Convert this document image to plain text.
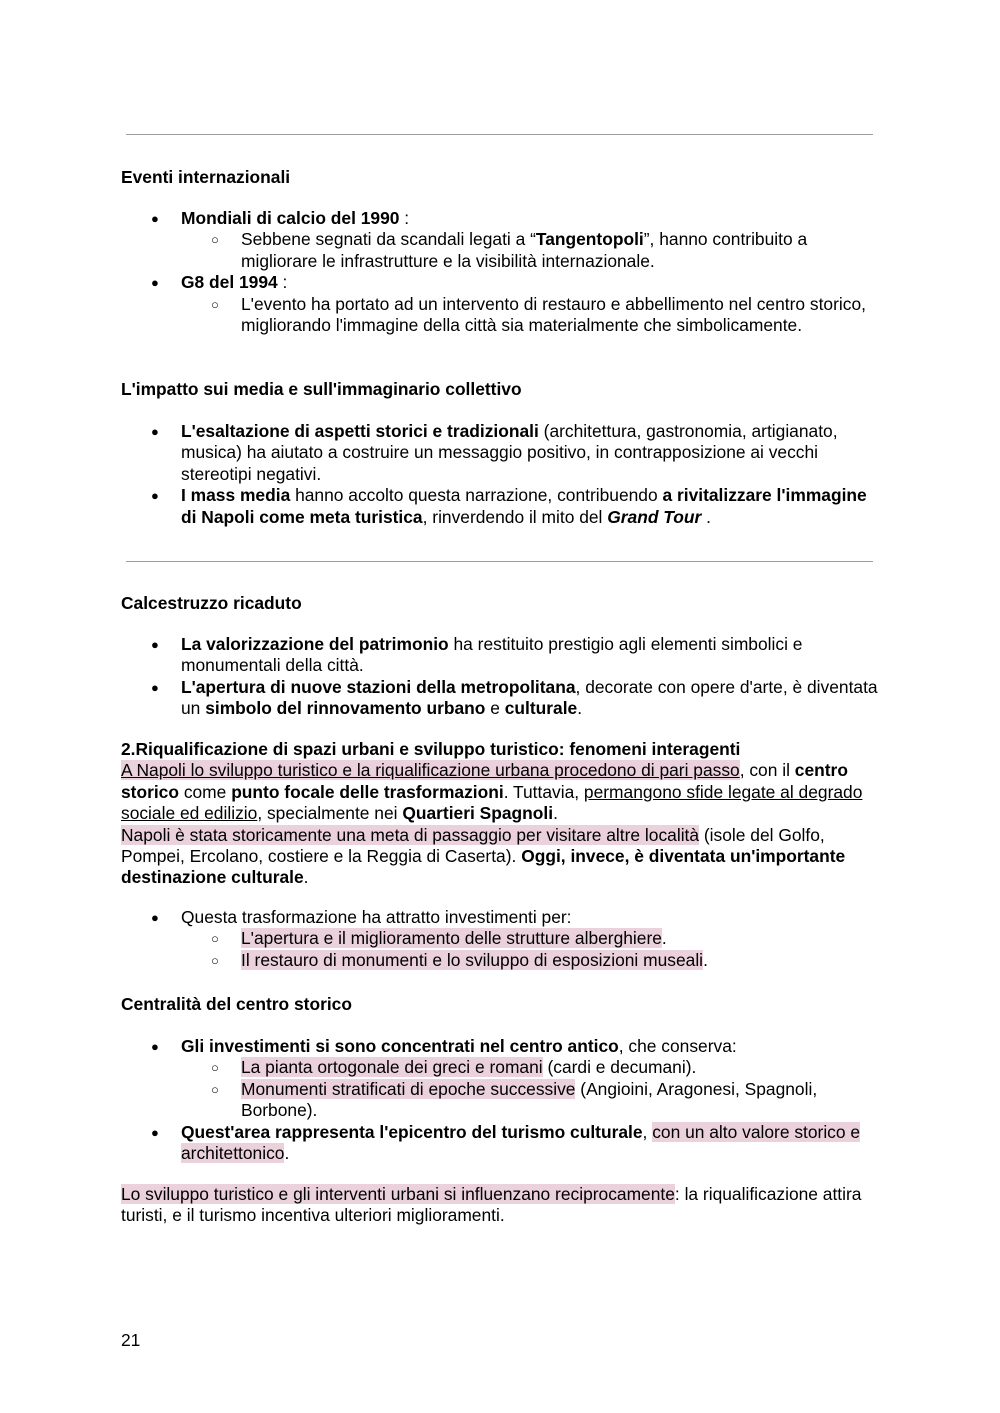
Eventi internazionali
● Mondiali di calcio del 1990 :
○ Sebbene segnati da scandali legati a “Tangentopoli”, hanno contribuito a migliorare le infrastrutture e la visibilità internazionale.
● G8 del 1994 :
○ L'evento ha portato ad un intervento di restauro e abbellimento nel centro storico, migliorando l'immagine della città sia materialmente che simbolicamente.
L'impatto sui media e sull'immaginario collettivo
● L'esaltazione di aspetti storici e tradizionali (architettura, gastronomia, artigianato, musica) ha aiutato a costruire un messaggio positivo, in contrapposizione ai vecchi stereotipi negativi.
● I mass media hanno accolto questa narrazione, contribuendo a rivitalizzare l'immagine di Napoli come meta turistica, rinverdendo il mito del Grand Tour .
Calcestruzzo ricaduto
● La valorizzazione del patrimonio ha restituito prestigio agli elementi simbolici e monumentali della città.
● L'apertura di nuove stazioni della metropolitana, decorate con opere d'arte, è diventata un simbolo del rinnovamento urbano e culturale.
2.Riqualificazione di spazi urbani e sviluppo turistico: fenomeni interagenti
A Napoli lo sviluppo turistico e la riqualificazione urbana procedono di pari passo, con il centro storico come punto focale delle trasformazioni. Tuttavia, permangono sfide legate al degrado sociale ed edilizio, specialmente nei Quartieri Spagnoli.
Napoli è stata storicamente una meta di passaggio per visitare altre località (isole del Golfo, Pompei, Ercolano, costiere e la Reggia di Caserta). Oggi, invece, è diventata un'importante destinazione culturale.
● Questa trasformazione ha attratto investimenti per:
○ L'apertura e il miglioramento delle strutture alberghiere.
○ Il restauro di monumenti e lo sviluppo di esposizioni museali.
Centralità del centro storico
● Gli investimenti si sono concentrati nel centro antico, che conserva:
○ La pianta ortogonale dei greci e romani (cardi e decumani).
○ Monumenti stratificati di epoche successive (Angioini, Aragonesi, Spagnoli, Borbone).
● Quest'area rappresenta l'epicentro del turismo culturale, con un alto valore storico e architettonico.
Lo sviluppo turistico e gli interventi urbani si influenzano reciprocamente: la riqualificazione attira turisti, e il turismo incentiva ulteriori miglioramenti.
21
